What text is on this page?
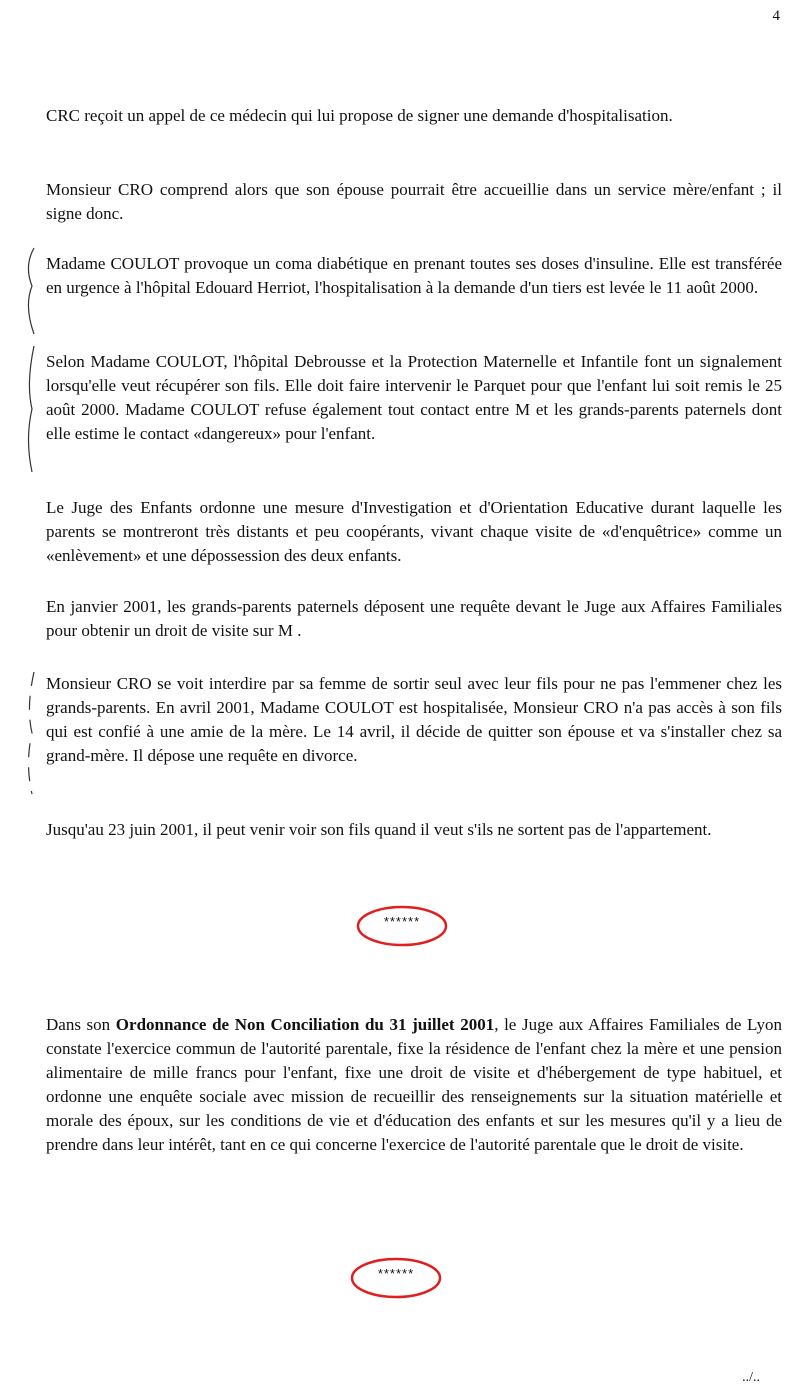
4

CRC reçoit un appel de ce médecin qui lui propose de signer une demande d'hospitalisation.

Monsieur CRO comprend alors que son épouse pourrait être accueillie dans un service mère/enfant ; il signe donc.

Madame COULOT provoque un coma diabétique en prenant toutes ses doses d'insuline. Elle est transférée en urgence à l'hôpital Edouard Herriot, l'hospitalisation à la demande d'un tiers est levée le 11 août 2000.

Selon Madame COULOT, l'hôpital Debrousse et la Protection Maternelle et Infantile font un signalement lorsqu'elle veut récupérer son fils. Elle doit faire intervenir le Parquet pour que l'enfant lui soit remis le 25 août 2000. Madame COULOT refuse également tout contact entre M et les grands-parents paternels dont elle estime le contact «dangereux» pour l'enfant.

Le Juge des Enfants ordonne une mesure d'Investigation et d'Orientation Educative durant laquelle les parents se montreront très distants et peu coopérants, vivant chaque visite de «d'enquêtrice» comme un «enlèvement» et une dépossession des deux enfants.

En janvier 2001, les grands-parents paternels déposent une requête devant le Juge aux Affaires Familiales pour obtenir un droit de visite sur M .

Monsieur CRO se voit interdire par sa femme de sortir seul avec leur fils pour ne pas l'emmener chez les grands-parents. En avril 2001, Madame COULOT est hospitalisée, Monsieur CRO n'a pas accès à son fils qui est confié à une amie de la mère. Le 14 avril, il décide de quitter son épouse et va s'installer chez sa grand-mère. Il dépose une requête en divorce.

Jusqu'au 23 juin 2001, il peut venir voir son fils quand il veut s'ils ne sortent pas de l'appartement.

******

Dans son Ordonnance de Non Conciliation du 31 juillet 2001, le Juge aux Affaires Familiales de Lyon constate l'exercice commun de l'autorité parentale, fixe la résidence de l'enfant chez la mère et une pension alimentaire de mille francs pour l'enfant, fixe une droit de visite et d'hébergement de type habituel, et ordonne une enquête sociale avec mission de recueillir des renseignements sur la situation matérielle et morale des époux, sur les conditions de vie et d'éducation des enfants et sur les mesures qu'il y a lieu de prendre dans leur intérêt, tant en ce qui concerne l'exercice de l'autorité parentale que le droit de visite.

******
../..
